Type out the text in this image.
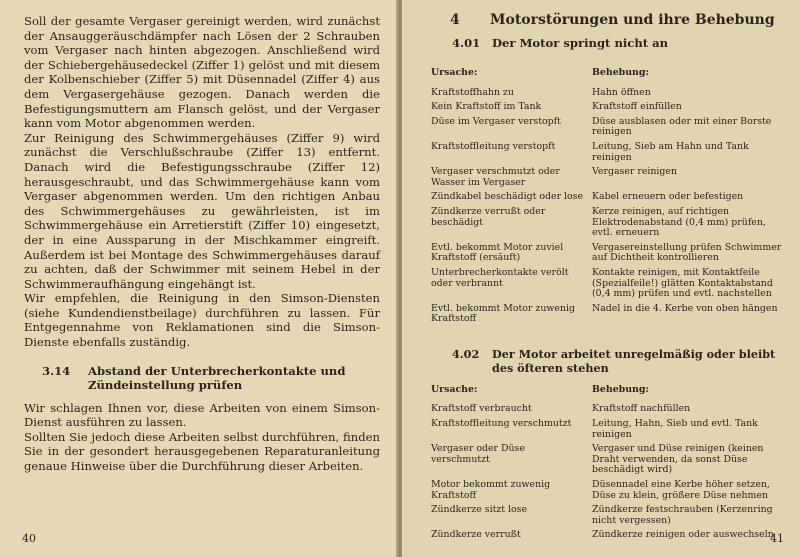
Soll der gesamte Vergaser gereinigt werden, wird zunächst der Ansauggeräuschdämpfer nach Lösen der 2 Schrauben vom Vergaser nach hinten abgezogen. Anschließend wird der Schiebergehäusedeckel (Ziffer 1) gelöst und mit diesem der Kolbenschieber (Ziffer 5) mit Düsennadel (Ziffer 4) aus dem Vergasergehäuse gezogen. Danach werden die Befestigungsmuttern am Flansch gelöst, und der Vergaser kann vom Motor abgenommen werden.

Zur Reinigung des Schwimmergehäuses (Ziffer 9) wird zunächst die Verschlußschraube (Ziffer 13) entfernt. Danach wird die Befestigungsschraube (Ziffer 12) herausgeschraubt, und das Schwimmergehäuse kann vom Vergaser abgenommen werden. Um den richtigen Anbau des Schwimmergehäuses zu gewährleisten, ist im Schwimmergehäuse ein Arretierstift (Ziffer 10) eingesetzt, der in eine Aussparung in der Mischkammer eingreift. Außerdem ist bei Montage des Schwimmergehäuses darauf zu achten, daß der Schwimmer mit seinem Hebel in der Schwimmeraufhängung eingehängt ist.

Wir empfehlen, die Reinigung in den Simson-Diensten (siehe Kundendienstbeilage) durchführen zu lassen. Für Entgegennahme von Reklamationen sind die Simson-Dienste ebenfalls zuständig.

3.14	Abstand der Unterbrecherkontakte und Zündeinstellung prüfen

Wir schlagen Ihnen vor, diese Arbeiten von einem Simson-Dienst ausführen zu lassen.

Sollten Sie jedoch diese Arbeiten selbst durchführen, finden Sie in der gesondert herausgegebenen Reparaturanleitung genaue Hinweise über die Durchführung dieser Arbeiten.

40
4	Motorstörungen und ihre Behebung
4.01	Der Motor springt nicht an
Ursache:	Behebung:
Kraftstoffhahn zu	Hahn öffnen
Kein Kraftstoff im Tank	Kraftstoff einfüllen
Düse im Vergaser verstopft	Düse ausblasen oder mit einer Borste reinigen
Kraftstoffleitung verstopft	Leitung, Sieb am Hahn und Tank reinigen
Vergaser verschmutzt oder Wasser im Vergaser	Vergaser reinigen
Zündkabel beschädigt oder lose	Kabel erneuern oder befestigen
Zündkerze verrußt oder beschädigt	Kerze reinigen, auf richtigen Elektrodenabstand (0,4 mm) prüfen, evtl. erneuern
Evtl. bekommt Motor zuviel Kraftstoff (ersäuft)	Vergasereinstellung prüfen Schwimmer auf Dichtheit kontrollieren
Unterbrecherkontakte verölt oder verbrannt	Kontakte reinigen, mit Kontaktfeile (Spezialfeile!) glätten Kontaktabstand (0,4 mm) prüfen und evtl. nachstellen
Evtl. bekommt Motor zuwenig Kraftstoff	Nadel in die 4. Kerbe von oben hängen
4.02	Der Motor arbeitet unregelmäßig oder bleibt des öfteren stehen
Ursache:	Behebung:
Kraftstoff verbraucht	Kraftstoff nachfüllen
Kraftstoffleitung verschmutzt	Leitung, Hahn, Sieb und evtl. Tank reinigen
Vergaser oder Düse verschmutzt	Vergaser und Düse reinigen (keinen Draht verwenden, da sonst Düse beschädigt wird)
Motor bekommt zuwenig Kraftstoff	Düsennadel eine Kerbe höher setzen, Düse zu klein, größere Düse nehmen
Zündkerze sitzt lose	Zündkerze festschrauben (Kerzenring nicht vergessen)
Zündkerze verrußt	Zündkerze reinigen oder auswechseln
41
